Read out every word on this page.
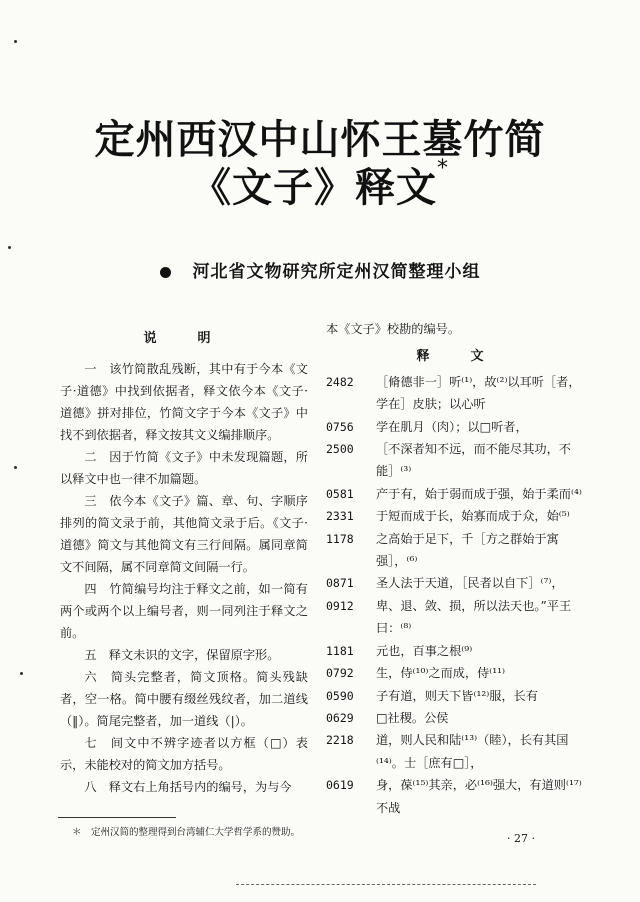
定州西汉中山怀王墓竹简
《文子》释文*
河北省文物研究所定州汉简整理小组
说　明

一　该竹简散乱残断，其中有于今本《文子·道德》中找到依据者，释文依今本《文子·道德》拼对排位，竹简文字于今本《文子》中找不到依据者，释文按其文义编排顺序。

二　因于竹简《文子》中未发现篇题，所以释文中也一律不加篇题。

三　依今本《文子》篇、章、句、字顺序排列的简文录于前，其他简文录于后。《文子·道德》简文与其他简文有三行间隔。属同章简文不间隔，属不同章简文间隔一行。

四　竹简编号均注于释文之前，如一简有两个或两个以上编号者，则一同列注于释文之前。

五　释文未识的文字，保留原字形。

六　简头完整者，简文顶格。简头残缺者，空一格。简中腰有缀丝残纹者，加二道线（‖）。简尾完整者，加一道线（|）。

七　间文中不辨字迹者以方框（□）表示，未能校对的简文加方括号。

八　释文右上角括号内的编号，为与今

本《文子》校勘的编号。

释　文
2482	［脩德非一］听⁽¹⁾，故⁽²⁾以耳听［者，学在］皮肤；以心听
0756	学在肌月（肉）；以□听者，
2500	［不深者知不远，而不能尽其功，不能］⁽³⁾
0581	产于有，始于弱而成于强，始于柔而⁽⁴⁾
2331	于短而成于长，始寡而成于众，始⁽⁵⁾
1178	之高始于足下，千［方之群始于寓强］，⁽⁶⁾
0871	圣人法于天道，［民者以自下］⁽⁷⁾，
0912	卑、退、敛、损，所以法天也。”平王曰：⁽⁸⁾
1181	元也，百事之根⁽⁹⁾
0792	生，侍⁽¹⁰⁾之而成，侍⁽¹¹⁾
0590	子有道，则天下皆⁽¹²⁾服，长有
0629	□社稷。公侯
2218	道，则人民和陆⁽¹³⁾（睦），长有其国⁽¹⁴⁾。士［庶有□］，
0619	身，葆⁽¹⁵⁾其亲，必⁽¹⁶⁾强大，有道则⁽¹⁷⁾不战
＊　定州汉简的整理得到台湾辅仁大学哲学系的赞助。	· 27 ·
